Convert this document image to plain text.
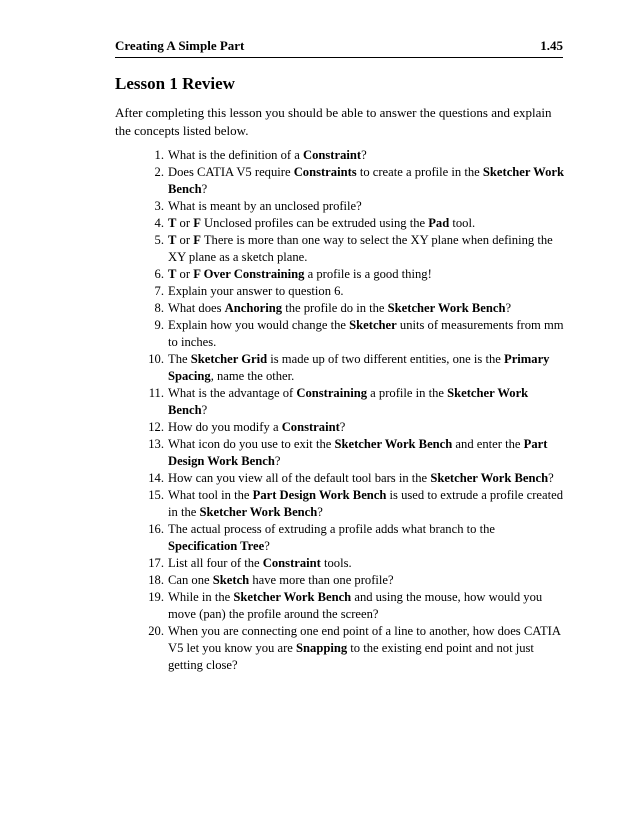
Creating A Simple Part	1.45
Lesson 1 Review

After completing this lesson you should be able to answer the questions and explain the concepts listed below.

1. What is the definition of a Constraint?
2. Does CATIA V5 require Constraints to create a profile in the Sketcher Work Bench?
3. What is meant by an unclosed profile?
4. T or F Unclosed profiles can be extruded using the Pad tool.
5. T or F There is more than one way to select the XY plane when defining the XY plane as a sketch plane.
6. T or F Over Constraining a profile is a good thing!
7. Explain your answer to question 6.
8. What does Anchoring the profile do in the Sketcher Work Bench?
9. Explain how you would change the Sketcher units of measurements from mm to inches.
10. The Sketcher Grid is made up of two different entities, one is the Primary Spacing, name the other.
11. What is the advantage of Constraining a profile in the Sketcher Work Bench?
12. How do you modify a Constraint?
13. What icon do you use to exit the Sketcher Work Bench and enter the Part Design Work Bench?
14. How can you view all of the default tool bars in the Sketcher Work Bench?
15. What tool in the Part Design Work Bench is used to extrude a profile created in the Sketcher Work Bench?
16. The actual process of extruding a profile adds what branch to the Specification Tree?
17. List all four of the Constraint tools.
18. Can one Sketch have more than one profile?
19. While in the Sketcher Work Bench and using the mouse, how would you move (pan) the profile around the screen?
20. When you are connecting one end point of a line to another, how does CATIA V5 let you know you are Snapping to the existing end point and not just getting close?
